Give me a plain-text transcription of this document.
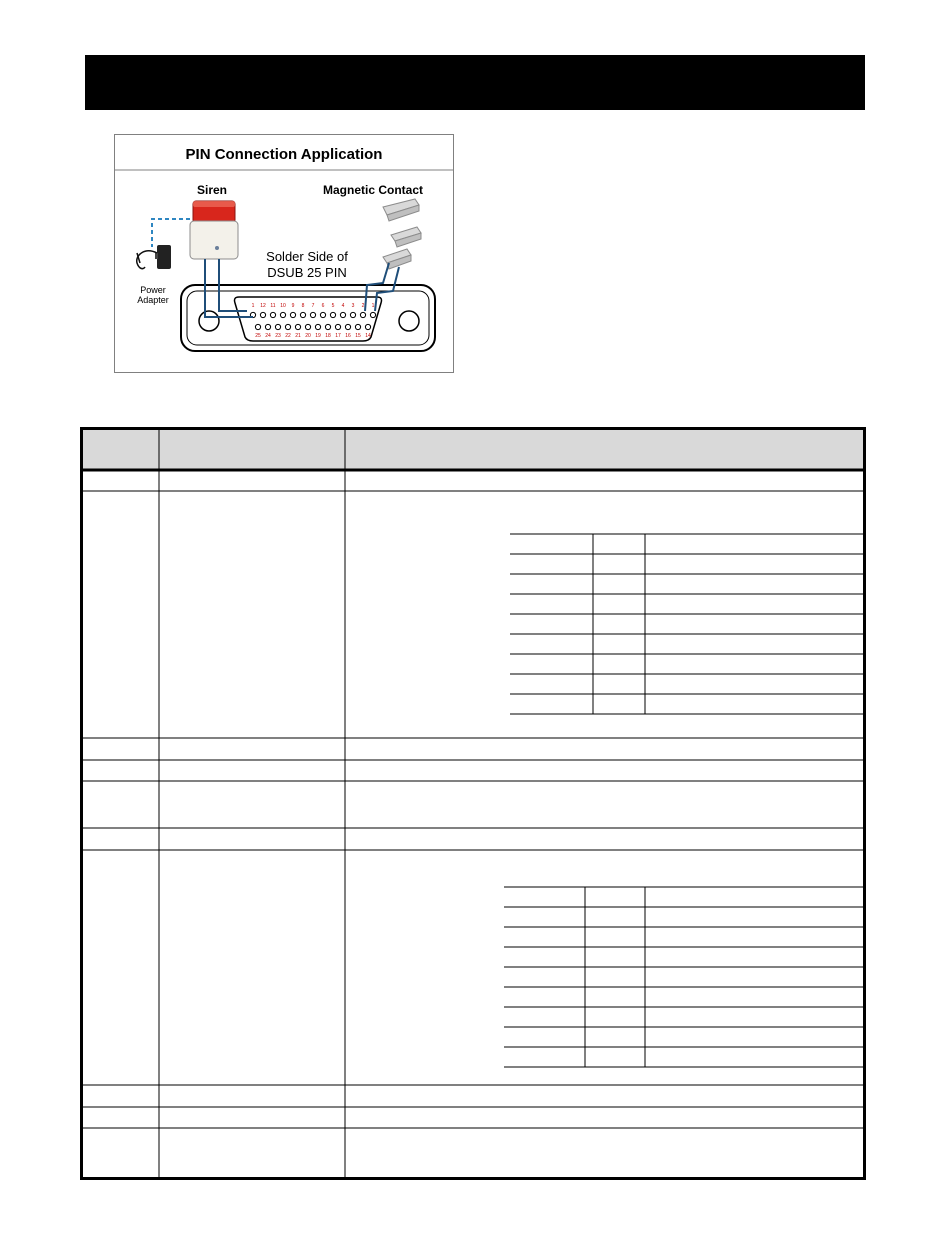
PIN Connection Application
Siren	Magnetic Contact
Power
Adapter
Solder Side of
DSUB 25 PIN
1 12 11 10 9 8 7 6 5 4 3 2 1
25 24 23 22 21 20 19 18 17 16 15 14
